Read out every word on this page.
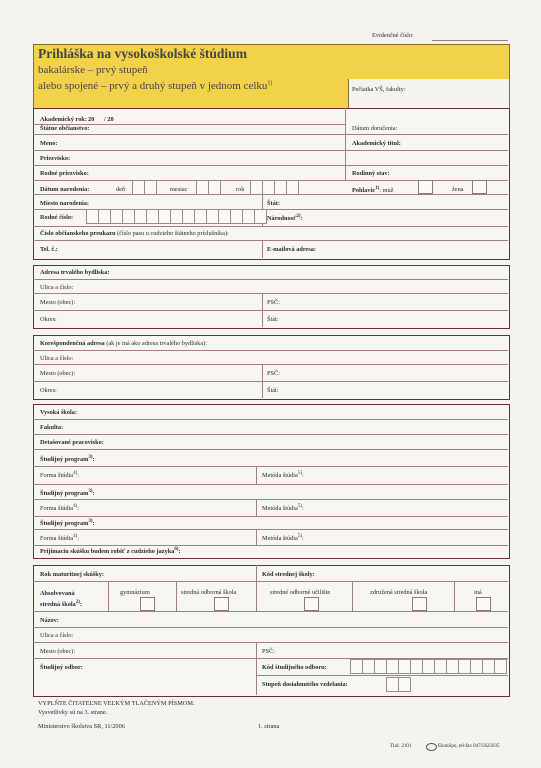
Evidenčné číslo:
Prihláška na vysokoškolské štúdium
bakalárske – prvý stupeň
alebo spojené – prvý a druhý stupeň v jednom celku$^{1)}$
Pečiatka VŠ, fakulty:
Akademický rok: 20 / 20
Štátne občianstvo:	Dátum doručenia:
Meno:	Akademický titul:
Priezvisko:
Rodné priezvisko:	Rodinný stav:
Dátum narodenia:	deň	mesiac	rok	Pohlavie$^{1)}$: muž	žena
Miesto narodenia:	Štát:
Rodné číslo:	Národnosť$^{2)}$:
Číslo občianskeho preukazu (číslo pasu u cudzieho štátneho príslušníka):
Tel. č.:	E-mailová adresa:
Adresa trvalého bydliska:
Ulica a číslo:
Mesto (obec):	PSČ:
Okres:	Štát:
Korešpondenčná adresa (ak je iná ako adresa trvalého bydliska):
Ulica a číslo:
Mesto (obec):	PSČ:
Okres:	Štát:
Vysoká škola:
Fakulta:
Detašované pracovisko:
Študijný program$^{3)}$:
Forma štúdia$^{4)}$:	Metóda štúdia$^{5)}$:
Študijný program$^{3)}$:
Forma štúdia$^{4)}$:	Metóda štúdia$^{5)}$:
Študijný program$^{3)}$:
Forma štúdia$^{4)}$:	Metóda štúdia$^{5)}$:
Prijímaciu skúšku budem robiť z cudzieho jazyka$^{6)}$:
Rok maturitnej skúšky:	Kód strednej školy:
Absolvovaná
stredná škola$^{2)}$:
gymnázium	stredná odborná škola	stredné odborné učilište	združená stredná škola	iná
Názov:
Ulica a číslo:
Mesto (obec):	PSČ:
Študijný odbor:	Kód študijného odboru:
Stupeň dosiahnutého vzdelania:
VYPLŇTE ČITATEĽNE VEĽKÝM TLAČENÝM PÍSMOM.
Vysvetlivky sú na 3. strane.
Ministerstvo školstva SR, 11/2006	1. strana
Tlač. 2101	EkonSpo, tel-fax 047/5625035
